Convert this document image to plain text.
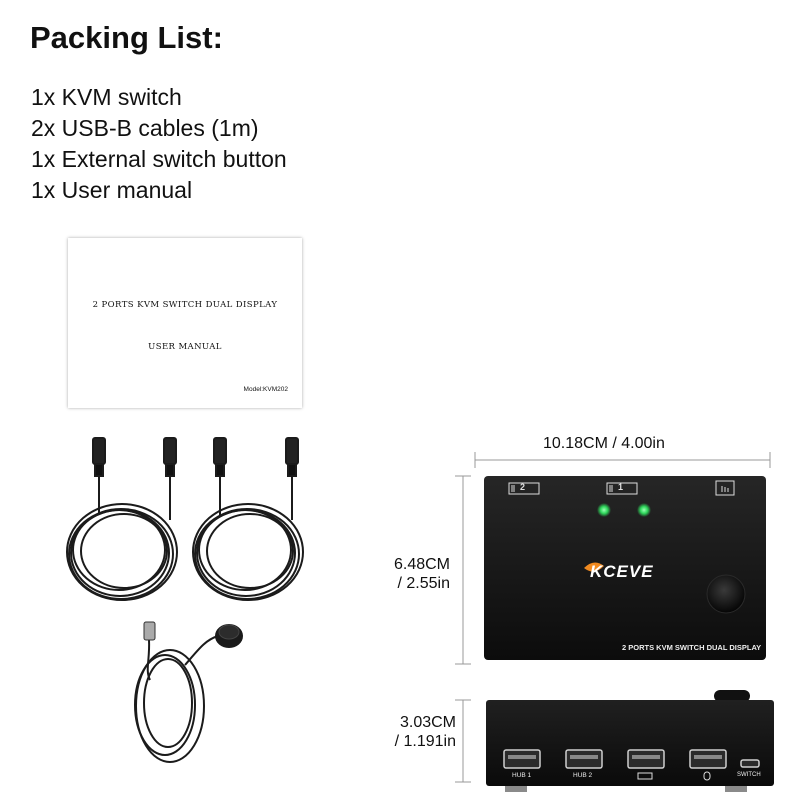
Packing List:
1x KVM switch
2x USB-B cables (1m)
1x External switch button
1x User manual
2 PORTS KVM SWITCH DUAL DISPLAY
USER MANUAL
Model:KVM202
10.18CM / 4.00in
6.48CM
/ 2.55in
3.03CM
/ 1.191in
2	1
KCEVE
2 PORTS KVM SWITCH DUAL DISPLAY
HUB 1	HUB 2	SWITCH
